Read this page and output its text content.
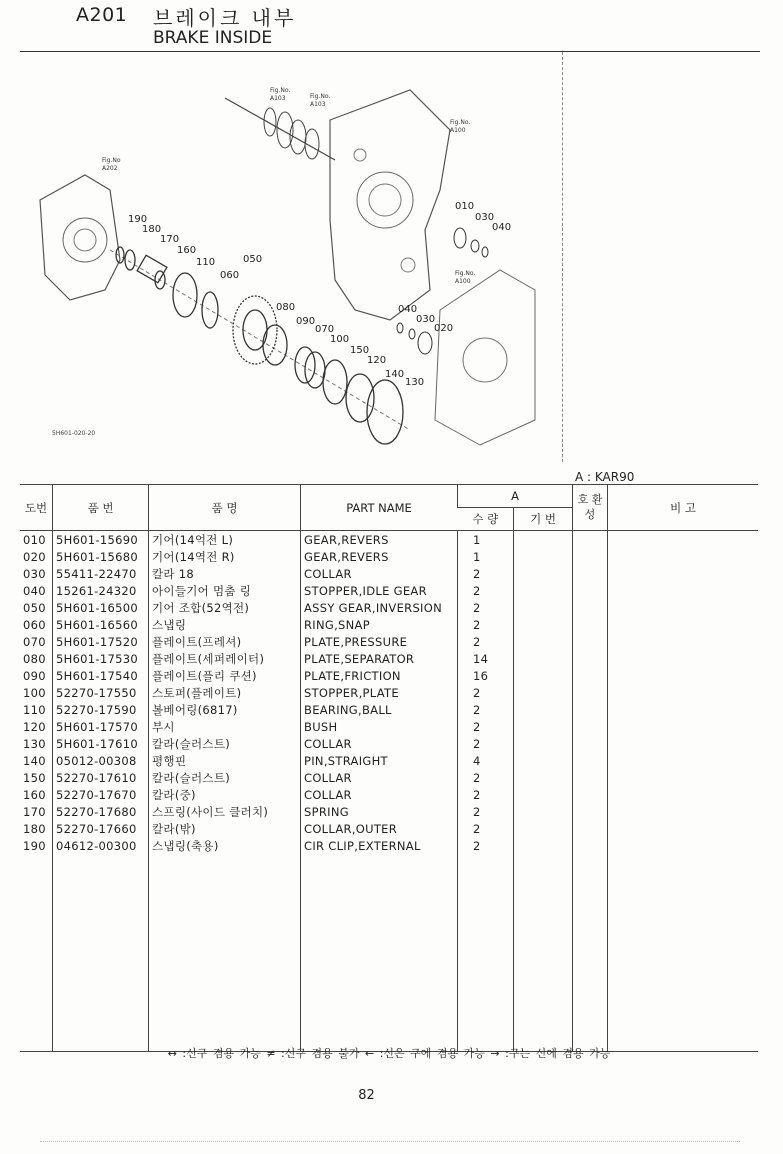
A201 브레이크 내부
BRAKE INSIDE
Fig.No.
A103	Fig.No.
A103
Fig.No.
A100
Fig.No
A202
Fig.No.
A100
190
180
170
160
110
060
050
080
090
070
100
150
120
140
130
010
030
040
040
030
020
5H601-020-20
A : KAR90
도번	품 번	품 명	PART NAME	A		호 환 성	비 고
				수 량	기 번		
010	5H601-15690	기어(14억전 L)	GEAR,REVERS	1			
020	5H601-15680	기어(14역전 R)	GEAR,REVERS	1			
030	55411-22470	칼라 18	COLLAR	2			
040	15261-24320	아이들기어 멈춤 링	STOPPER,IDLE GEAR	2			
050	5H601-16500	기어 조합(52역전)	ASSY GEAR,INVERSION	2			
060	5H601-16560	스냅링	RING,SNAP	2			
070	5H601-17520	플레이트(프레셔)	PLATE,PRESSURE	2			
080	5H601-17530	플레이트(세퍼레이터)	PLATE,SEPARATOR	14			
090	5H601-17540	플레이트(플리 쿠션)	PLATE,FRICTION	16			
100	52270-17550	스토퍼(플레이트)	STOPPER,PLATE	2			
110	52270-17590	볼베어링(6817)	BEARING,BALL	2			
120	5H601-17570	부시	BUSH	2			
130	5H601-17610	칼라(슬러스트)	COLLAR	2			
140	05012-00308	평행핀	PIN,STRAIGHT	4			
150	52270-17610	칼라(슬러스트)	COLLAR	2			
160	52270-17670	칼라(중)	COLLAR	2			
170	52270-17680	스프링(사이드 클러치)	SPRING	2			
180	52270-17660	칼라(밖)	COLLAR,OUTER	2			
190	04612-00300	스냅링(축용)	CIR CLIP,EXTERNAL	2			

↔ :신구 겸용 가능 ≠ :신구 겸용 불가 ← :신은 구에 겸용 가능 → :구는 신에 겸용 가능
82
